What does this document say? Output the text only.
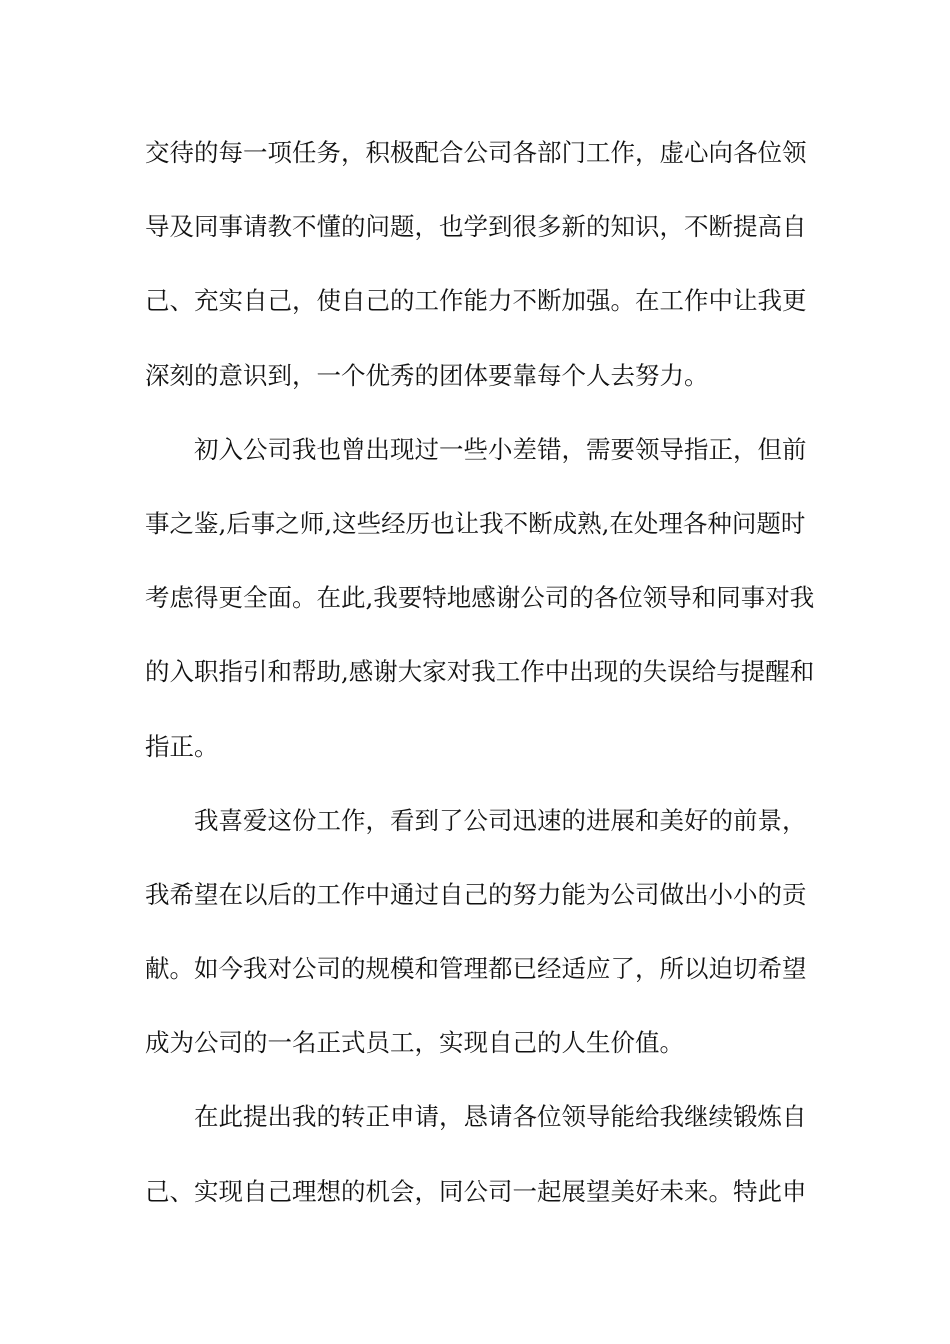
交待的每一项任务，积极配合公司各部门工作，虚心向各位领
导及同事请教不懂的问题，也学到很多新的知识，不断提高自
己、充实自己，使自己的工作能力不断加强。在工作中让我更
深刻的意识到，一个优秀的团体要靠每个人去努力。
初入公司我也曾出现过一些小差错，需要领导指正，但前
事之鉴,后事之师,这些经历也让我不断成熟,在处理各种问题时
考虑得更全面。在此,我要特地感谢公司的各位领导和同事对我
的入职指引和帮助,感谢大家对我工作中出现的失误给与提醒和
指正。
我喜爱这份工作，看到了公司迅速的进展和美好的前景，
我希望在以后的工作中通过自己的努力能为公司做出小小的贡
献。如今我对公司的规模和管理都已经适应了，所以迫切希望
成为公司的一名正式员工，实现自己的人生价值。
在此提出我的转正申请，恳请各位领导能给我继续锻炼自
己、实现自己理想的机会，同公司一起展望美好未来。特此申
